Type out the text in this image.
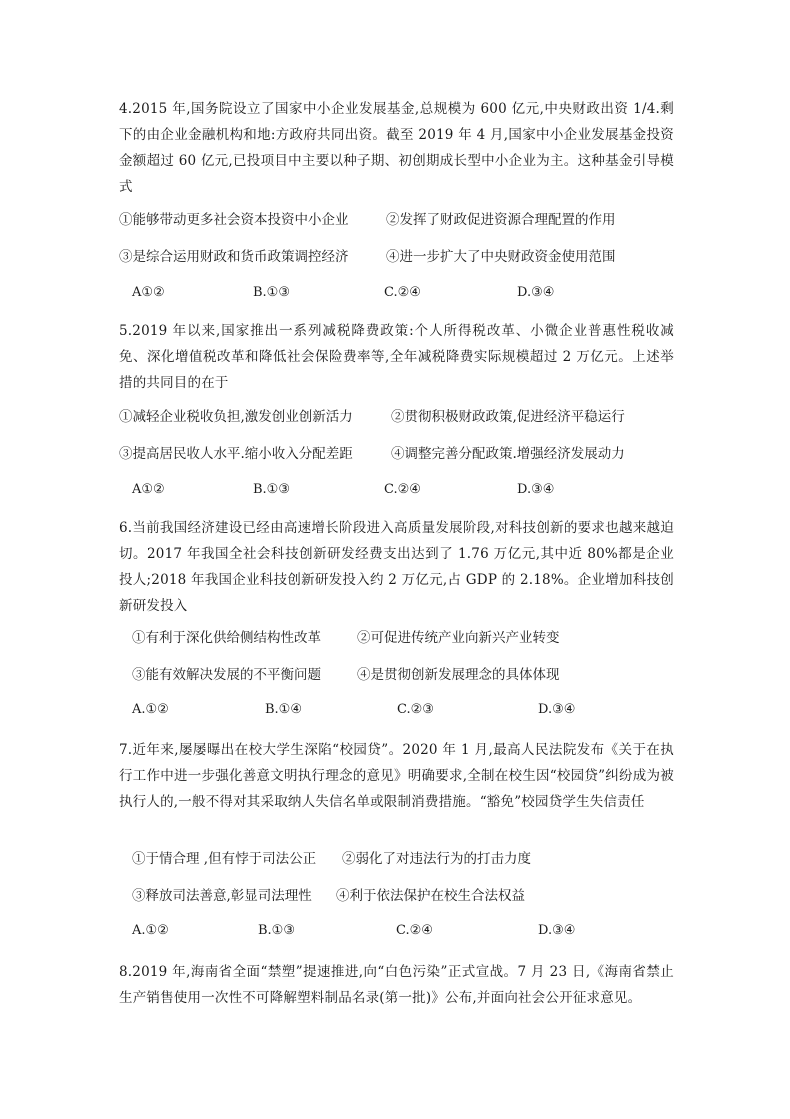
4.2015 年,国务院设立了国家中小企业发展基金,总规模为 600 亿元,中央财政出资 1/4.剩下的由企业金融机构和地:方政府共同出资。截至 2019 年 4 月,国家中小企业发展基金投资金额超过 60 亿元,已投项目中主要以种子期、初创期成长型中小企业为主。这种基金引导模式
①能够带动更多社会资本投资中小企业	②发挥了财政促进资源合理配置的作用
③是综合运用财政和货币政策调控经济	④进一步扩大了中央财政资金使用范围
A①②	B.①③	C.②④	D.③④
5.2019 年以来,国家推出一系列减税降费政策:个人所得税改革、小微企业普惠性税收减免、深化增值税改革和降低社会保险费率等,全年减税降费实际规模超过 2 万亿元。上述举措的共同目的在于
①减轻企业税收负担,激发创业创新活力	②贯彻积极财政政策,促进经济平稳运行
③提高居民收人水平.缩小收入分配差距	④调整完善分配政策.增强经济发展动力
A①②	B.①③	C.②④	D.③④
6.当前我国经济建设已经由高速增长阶段进入高质量发展阶段,对科技创新的要求也越来越迫切。2017 年我国全社会科技创新研发经费支出达到了 1.76 万亿元,其中近 80%都是企业投人;2018 年我国企业科技创新研发投入约 2 万亿元,占 GDP 的 2.18%。企业增加科技创新研发投入
①有利于深化供给侧结构性改革	②可促进传统产业向新兴产业转变
③能有效解决发展的不平衡问题	④是贯彻创新发展理念的具体体现
A.①②	B.①④	C.②③	D.③④
7.近年来,屡屡曝出在校大学生深陷“校园贷”。2020 年 1 月,最高人民法院发布《关于在执行工作中进一步强化善意文明执行理念的意见》明确要求,全制在校生因“校园贷”纠纷成为被执行人的,一般不得对其采取纳人失信名单或限制消费措施。“豁免”校园贷学生失信责任
①于情合理 ,但有悖于司法公正 ②弱化了对违法行为的打击力度
③释放司法善意,彰显司法理性 ④利于依法保护在校生合法权益
A.①②	B.①③	C.②④	D.③④
8.2019 年,海南省全面“禁塑”提速推进,向“白色污染”正式宣战。7 月 23 日,《海南省禁止生产销售使用一次性不可降解塑料制品名录(第一批)》公布,并面向社会公开征求意见。
